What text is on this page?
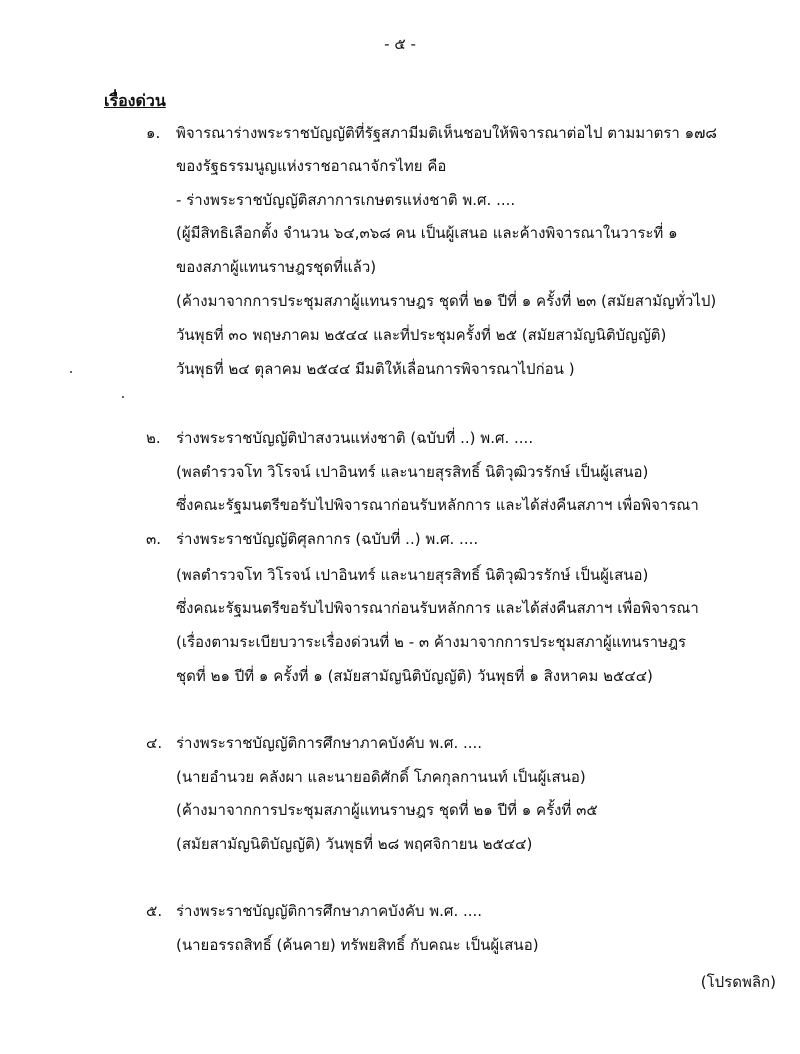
- ๕ -
เรื่องด่วน
๑. พิจารณาร่างพระราชบัญญัติที่รัฐสภามีมติเห็นชอบให้พิจารณาต่อไป ตามมาตรา ๑๗๘
ของรัฐธรรมนูญแห่งราชอาณาจักรไทย คือ
- ร่างพระราชบัญญัติสภาการเกษตรแห่งชาติ พ.ศ. ....
(ผู้มีสิทธิเลือกตั้ง จำนวน ๖๔,๓๖๘ คน เป็นผู้เสนอ และค้างพิจารณาในวาระที่ ๑
ของสภาผู้แทนราษฎรชุดที่แล้ว)
(ค้างมาจากการประชุมสภาผู้แทนราษฎร ชุดที่ ๒๑ ปีที่ ๑ ครั้งที่ ๒๓ (สมัยสามัญทั่วไป)
วันพุธที่ ๓๐ พฤษภาคม ๒๕๔๔ และที่ประชุมครั้งที่ ๒๕ (สมัยสามัญนิติบัญญัติ)
วันพุธที่ ๒๔ ตุลาคม ๒๕๔๔ มีมติให้เลื่อนการพิจารณาไปก่อน )
๒. ร่างพระราชบัญญัติป่าสงวนแห่งชาติ (ฉบับที่ ..) พ.ศ. ....
(พลตำรวจโท วิโรจน์ เปาอินทร์ และนายสุรสิทธิ์ นิติวุฒิวรรักษ์ เป็นผู้เสนอ)
ซึ่งคณะรัฐมนตรีขอรับไปพิจารณาก่อนรับหลักการ และได้ส่งคืนสภาฯ เพื่อพิจารณา
๓. ร่างพระราชบัญญัติศุลกากร (ฉบับที่ ..) พ.ศ. ....
(พลตำรวจโท วิโรจน์ เปาอินทร์ และนายสุรสิทธิ์ นิติวุฒิวรรักษ์ เป็นผู้เสนอ)
ซึ่งคณะรัฐมนตรีขอรับไปพิจารณาก่อนรับหลักการ และได้ส่งคืนสภาฯ เพื่อพิจารณา
(เรื่องตามระเบียบวาระเรื่องด่วนที่ ๒ - ๓ ค้างมาจากการประชุมสภาผู้แทนราษฎร
ชุดที่ ๒๑ ปีที่ ๑ ครั้งที่ ๑ (สมัยสามัญนิติบัญญัติ) วันพุธที่ ๑ สิงหาคม ๒๕๔๔)
๔. ร่างพระราชบัญญัติการศึกษาภาคบังคับ พ.ศ. ....
(นายอำนวย คลังผา และนายอดิศักดิ์ โภคกุลกานนท์ เป็นผู้เสนอ)
(ค้างมาจากการประชุมสภาผู้แทนราษฎร ชุดที่ ๒๑ ปีที่ ๑ ครั้งที่ ๓๕
(สมัยสามัญนิติบัญญัติ) วันพุธที่ ๒๘ พฤศจิกายน ๒๕๔๔)
๕. ร่างพระราชบัญญัติการศึกษาภาคบังคับ พ.ศ. ....
(นายอรรถสิทธิ์ (ค้นคาย) ทรัพยสิทธิ์ กับคณะ เป็นผู้เสนอ)
(โปรดพลิก)
